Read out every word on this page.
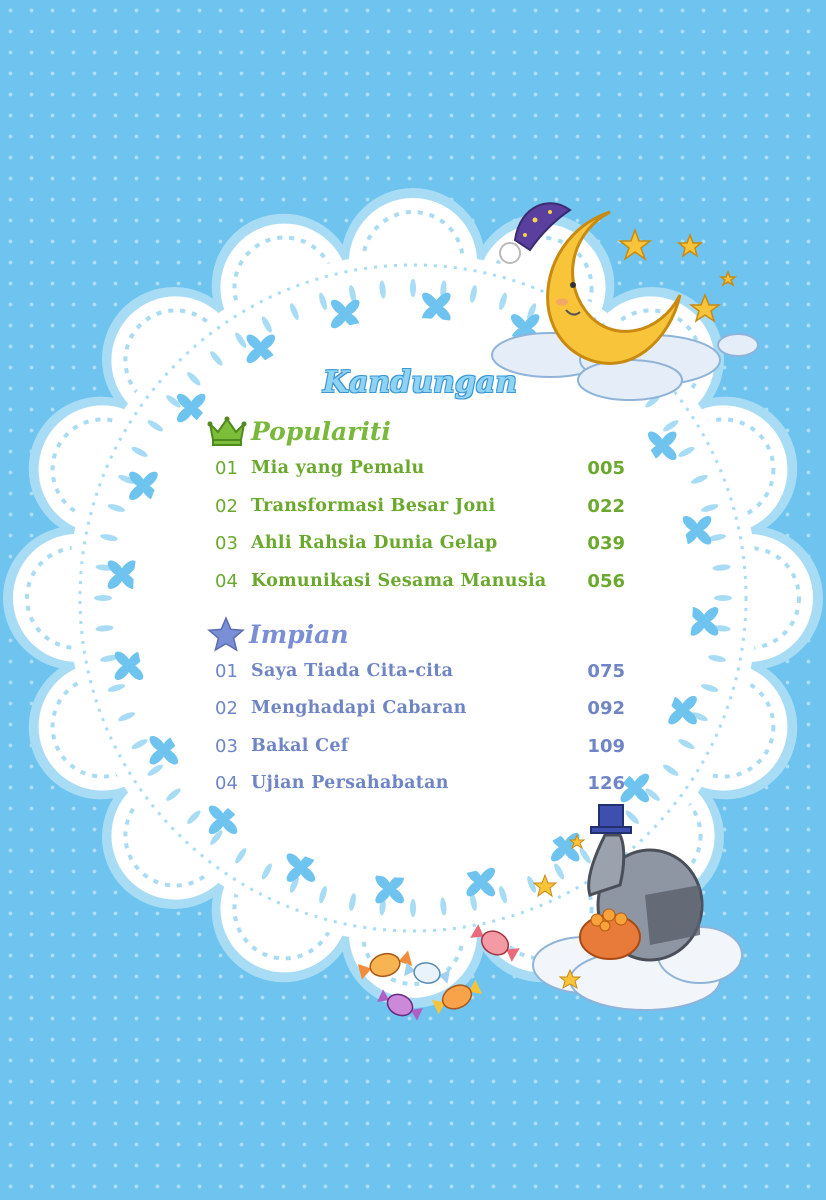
Kandungan
Populariti
01 Mia yang Pemalu	005
02 Transformasi Besar Joni	022
03 Ahli Rahsia Dunia Gelap	039
04 Komunikasi Sesama Manusia 056
Impian
01 Saya Tiada Cita-cita	075
02 Menghadapi Cabaran	092
03 Bakal Cef	109
04 Ujian Persahabatan	126
